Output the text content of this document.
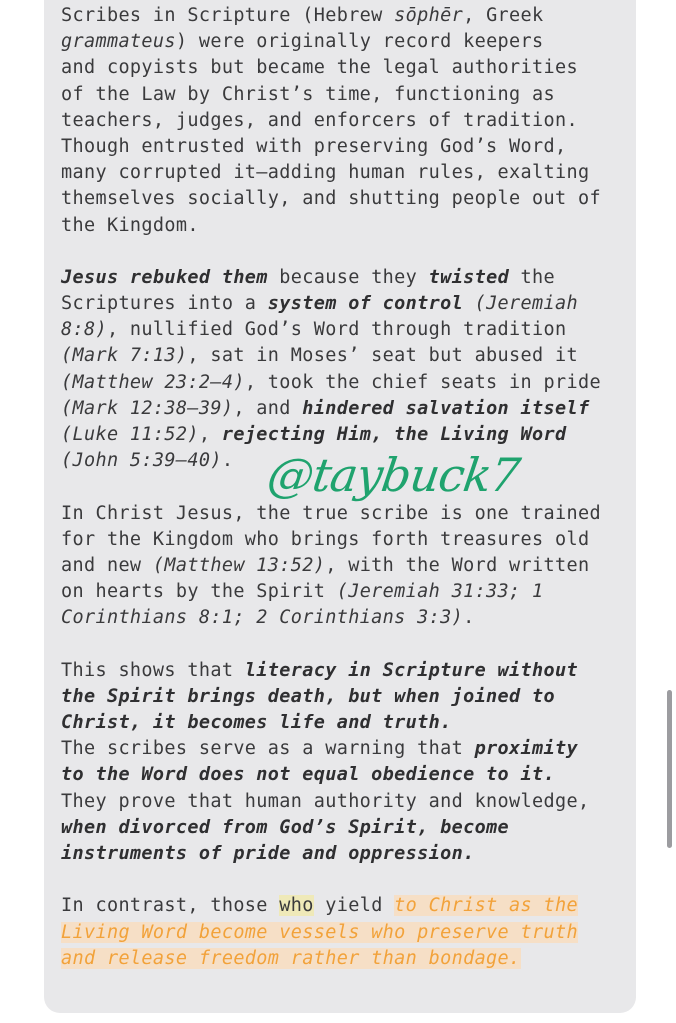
Scribes in Scripture (Hebrew sōphēr, Greek
grammateus) were originally record keepers
and copyists but became the legal authorities
of the Law by Christ’s time, functioning as
teachers, judges, and enforcers of tradition.
Though entrusted with preserving God’s Word,
many corrupted it—adding human rules, exalting
themselves socially, and shutting people out of
the Kingdom.
Jesus rebuked them because they twisted the
Scriptures into a system of control (Jeremiah
8:8), nullified God’s Word through tradition
(Mark 7:13), sat in Moses’ seat but abused it
(Matthew 23:2–4), took the chief seats in pride
(Mark 12:38–39), and hindered salvation itself
(Luke 11:52), rejecting Him, the Living Word
(John 5:39–40).
In Christ Jesus, the true scribe is one trained
for the Kingdom who brings forth treasures old
and new (Matthew 13:52), with the Word written
on hearts by the Spirit (Jeremiah 31:33; 1
Corinthians 8:1; 2 Corinthians 3:3).
This shows that literacy in Scripture without
the Spirit brings death, but when joined to
Christ, it becomes life and truth.
The scribes serve as a warning that proximity
to the Word does not equal obedience to it.
They prove that human authority and knowledge,
when divorced from God’s Spirit, become
instruments of pride and oppression.
In contrast, those who yield to Christ as the
Living Word become vessels who preserve truth
and release freedom rather than bondage.
@taybuck7
